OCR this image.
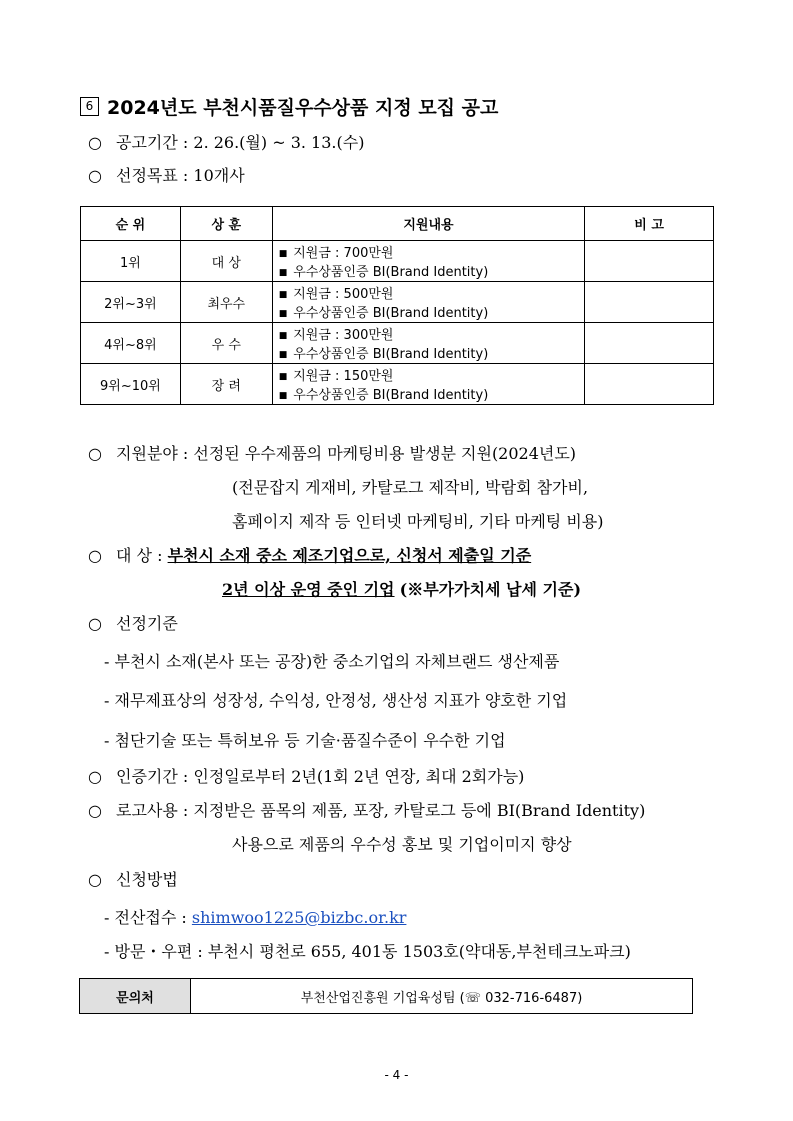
6 2024년도 부천시품질우수상품 지정 모집 공고
○ 공고기간 : 2. 26.(월) ~ 3. 13.(수)
○ 선정목표 : 10개사
순 위	상 훈	지원내용	비 고
1위	대 상	■ 지원금 : 700만원
■ 우수상품인증 BI(Brand Identity)	

2위~3위	최우수	■ 지원금 : 500만원
■ 우수상품인증 BI(Brand Identity)	

4위~8위	우 수	■ 지원금 : 300만원
■ 우수상품인증 BI(Brand Identity)	

9위~10위	장 려	■ 지원금 : 150만원
■ 우수상품인증 BI(Brand Identity)	

○ 지원분야 : 선정된 우수제품의 마케팅비용 발생분 지원(2024년도)
(전문잡지 게재비, 카탈로그 제작비, 박람회 참가비,
홈페이지 제작 등 인터넷 마케팅비, 기타 마케팅 비용)
○ 대 상 : 부천시 소재 중소 제조기업으로, 신청서 제출일 기준
2년 이상 운영 중인 기업 (※부가가치세 납세 기준)
○ 선정기준
- 부천시 소재(본사 또는 공장)한 중소기업의 자체브랜드 생산제품
- 재무제표상의 성장성, 수익성, 안정성, 생산성 지표가 양호한 기업
- 첨단기술 또는 특허보유 등 기술·품질수준이 우수한 기업
○ 인증기간 : 인정일로부터 2년(1회 2년 연장, 최대 2회가능)
○ 로고사용 : 지정받은 품목의 제품, 포장, 카탈로그 등에 BI(Brand Identity)
사용으로 제품의 우수성 홍보 및 기업이미지 향상
○ 신청방법
- 전산접수 : shimwoo1225@bizbc.or.kr
- 방문・우편 : 부천시 평천로 655, 401동 1503호(약대동,부천테크노파크)
문의처	부천산업진흥원 기업육성팀 (☏ 032-716-6487)
- 4 -
